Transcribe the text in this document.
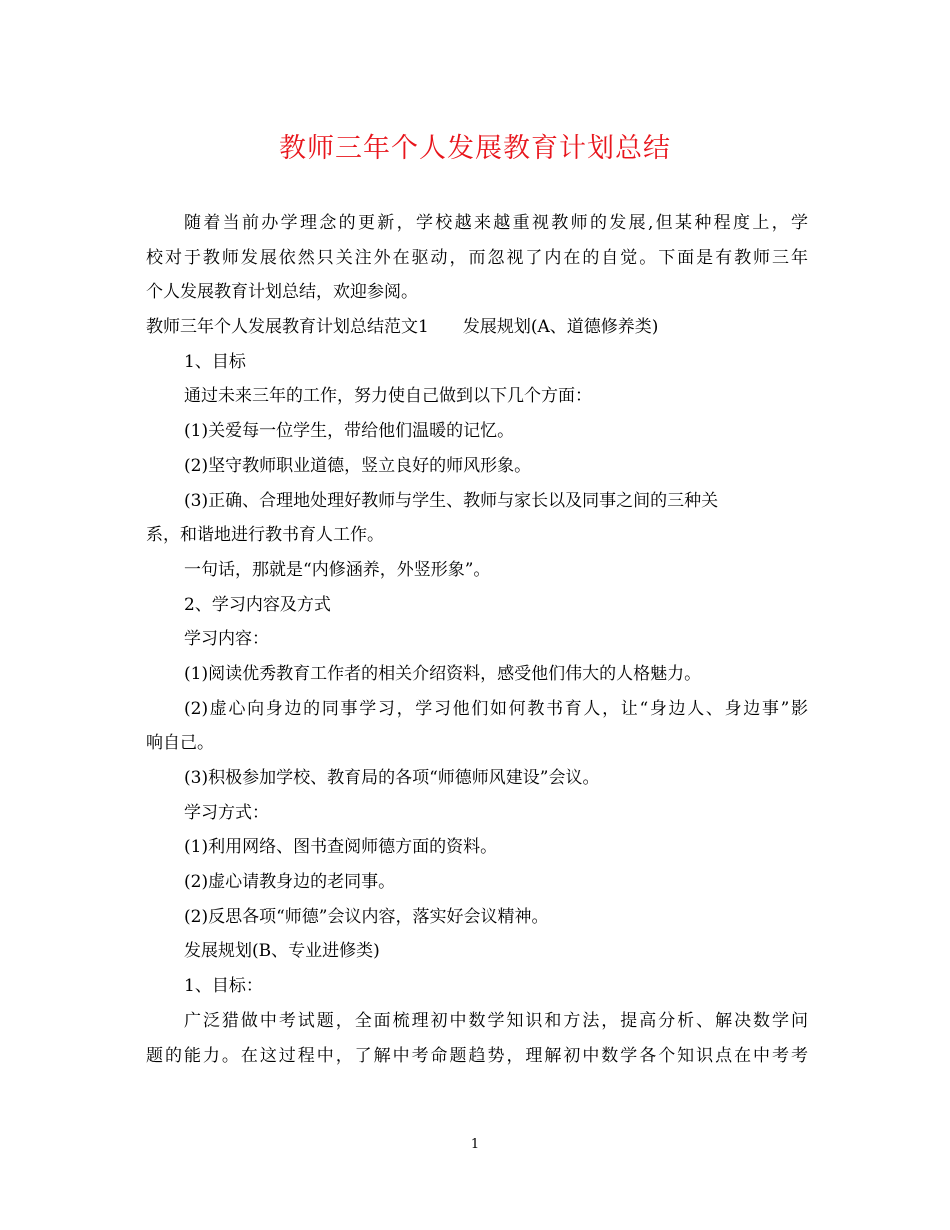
教师三年个人发展教育计划总结
随着当前办学理念的更新，学校越来越重视教师的发展,但某种程度上，学
校对于教师发展依然只关注外在驱动，而忽视了内在的自觉。下面是有教师三年
个人发展教育计划总结，欢迎参阅。
教师三年个人发展教育计划总结范文1　　发展规划(A、道德修养类)
1、目标
通过未来三年的工作，努力使自己做到以下几个方面：
(1)关爱每一位学生，带给他们温暖的记忆。
(2)坚守教师职业道德，竖立良好的师风形象。
(3)正确、合理地处理好教师与学生、教师与家长以及同事之间的三种关
系，和谐地进行教书育人工作。
一句话，那就是“内修涵养，外竖形象”。
2、学习内容及方式
学习内容：
(1)阅读优秀教育工作者的相关介绍资料，感受他们伟大的人格魅力。
(2)虚心向身边的同事学习，学习他们如何教书育人，让“身边人、身边事”影
响自己。
(3)积极参加学校、教育局的各项“师德师风建设”会议。
学习方式：
(1)利用网络、图书查阅师德方面的资料。
(2)虚心请教身边的老同事。
(2)反思各项“师德”会议内容，落实好会议精神。
发展规划(B、专业进修类)
1、目标：
广泛猎做中考试题，全面梳理初中数学知识和方法，提高分析、解决数学问
题的能力。在这过程中，了解中考命题趋势，理解初中数学各个知识点在中考考
1
